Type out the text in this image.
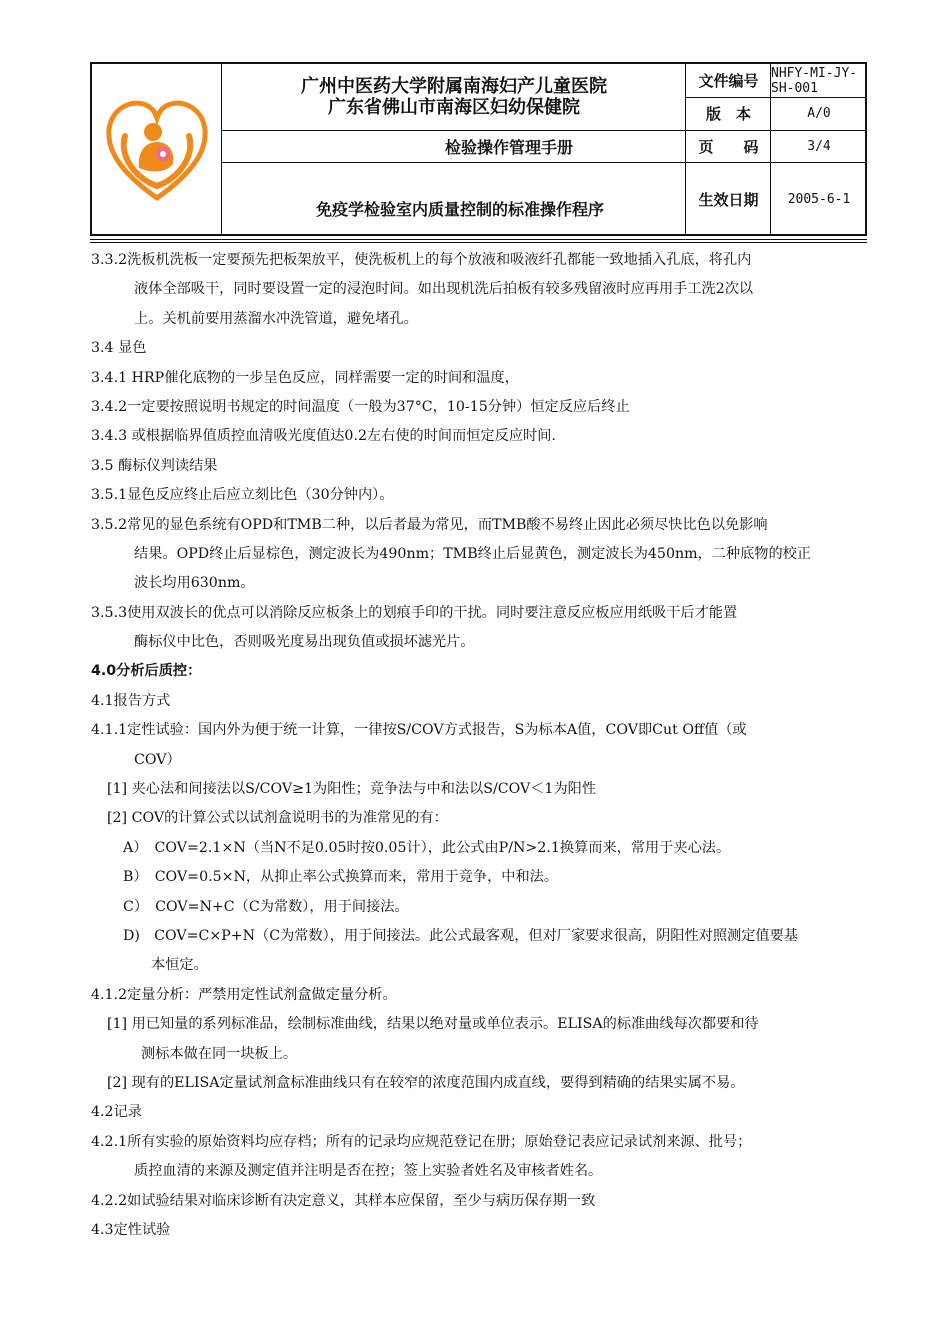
广州中医药大学附属南海妇产儿童医院
广东省佛山市南海区妇幼保健院
检验操作管理手册
免疫学检验室内质量控制的标准操作程序
文件编号 NHFY-MI-JY-SH-001
版　本	A/0
页　　码	3/4
生效日期	2005-6-1
3.3.2洗板机洗板一定要预先把板架放平，使洗板机上的每个放液和吸液纤孔都能一致地插入孔底，将孔内
液体全部吸干，同时要设置一定的浸泡时间。如出现机洗后拍板有较多残留液时应再用手工洗2次以
上。关机前要用蒸溜水冲洗管道，避免堵孔。
3.4 显色
3.4.1 HRP催化底物的一步呈色反应，同样需要一定的时间和温度，
3.4.2一定要按照说明书规定的时间温度（一般为37°C，10-15分钟）恒定反应后终止
3.4.3 或根据临界值质控血清吸光度值达0.2左右使的时间而恒定反应时间.
3.5 酶标仪判读结果
3.5.1显色反应终止后应立刻比色（30分钟内）。
3.5.2常见的显色系统有OPD和TMB二种，以后者最为常见，而TMB酸不易终止因此必须尽快比色以免影响
结果。OPD终止后显棕色，测定波长为490nm；TMB终止后显黄色，测定波长为450nm，二种底物的校正
波长均用630nm。
3.5.3使用双波长的优点可以消除反应板条上的划痕手印的干扰。同时要注意反应板应用纸吸干后才能置
酶标仪中比色，否则吸光度易出现负值或损坏滤光片。
4.0分析后质控：
4.1报告方式
4.1.1定性试验：国内外为便于统一计算，一律按S/COV方式报告，S为标本A值，COV即Cut Off值（或
COV）
[1] 夹心法和间接法以S/COV≥1为阳性；竞争法与中和法以S/COV＜1为阳性
[2] COV的计算公式以试剂盒说明书的为准常见的有：
A）　COV=2.1×N（当N不足0.05时按0.05计），此公式由P/N>2.1换算而来，常用于夹心法。
B）　COV=0.5×N，从抑止率公式换算而来，常用于竞争，中和法。
C）　COV=N+C（C为常数），用于间接法。
D)　COV=C×P+N（C为常数），用于间接法。此公式最客观，但对厂家要求很高，阴阳性对照测定值要基
本恒定。
4.1.2定量分析：严禁用定性试剂盒做定量分析。
[1] 用已知量的系列标准品，绘制标准曲线，结果以绝对量或单位表示。ELISA的标准曲线每次都要和待
测标本做在同一块板上。
[2] 现有的ELISA定量试剂盒标准曲线只有在较窄的浓度范围内成直线，要得到精确的结果实属不易。
4.2记录
4.2.1所有实验的原始资料均应存档；所有的记录均应规范登记在册；原始登记表应记录试剂来源、批号；
质控血清的来源及测定值并注明是否在控；签上实验者姓名及审核者姓名。
4.2.2如试验结果对临床诊断有决定意义，其样本应保留，至少与病历保存期一致
4.3定性试验
